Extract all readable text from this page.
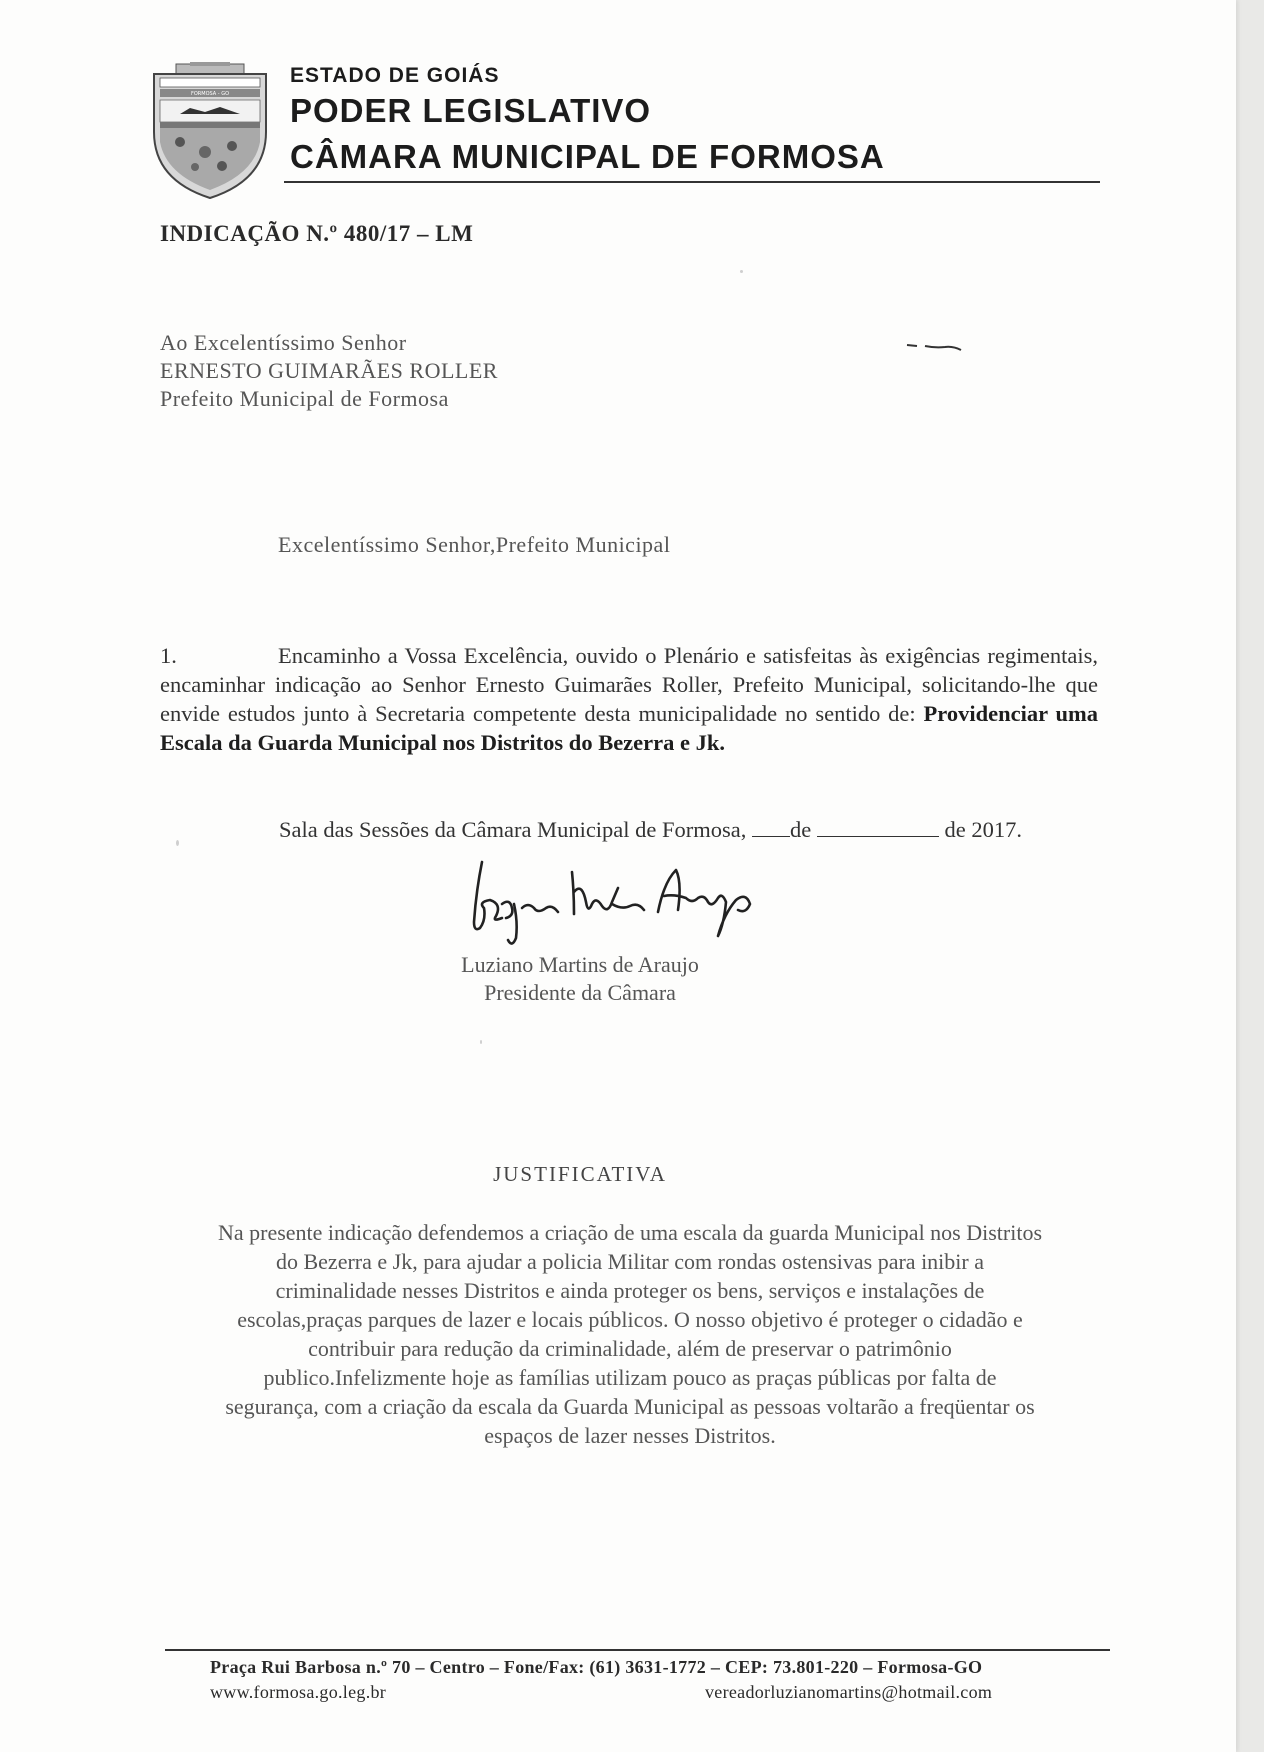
FORMOSA - GO
ESTADO DE GOIÁS
PODER LEGISLATIVO
CÂMARA MUNICIPAL DE FORMOSA
INDICAÇÃO N.º 480/17 – LM
Ao Excelentíssimo Senhor
ERNESTO GUIMARÃES ROLLER
Prefeito Municipal de Formosa
Excelentíssimo Senhor,Prefeito Municipal
1.	Encaminho a Vossa Excelência, ouvido o Plenário e satisfeitas às exigências regimentais, encaminhar indicação ao Senhor Ernesto Guimarães Roller, Prefeito Municipal, solicitando-lhe que envide estudos junto à Secretaria competente desta municipalidade no sentido de: Providenciar uma Escala da Guarda Municipal nos Distritos do Bezerra e Jk.
Sala das Sessões da Câmara Municipal de Formosa, de	de 2017.
Luziano Martins de Araujo
Presidente da Câmara
JUSTIFICATIVA
Na presente indicação defendemos a criação de uma escala da guarda Municipal nos Distritos
do Bezerra e Jk, para ajudar a policia Militar com rondas ostensivas para inibir a
criminalidade nesses Distritos e ainda proteger os bens, serviços e instalações de
escolas,praças parques de lazer e locais públicos. O nosso objetivo é proteger o cidadão e
contribuir para redução da criminalidade, além de preservar o patrimônio
publico.Infelizmente hoje as famílias utilizam pouco as praças públicas por falta de
segurança, com a criação da escala da Guarda Municipal as pessoas voltarão a freqüentar os
espaços de lazer nesses Distritos.
Praça Rui Barbosa n.º 70 – Centro – Fone/Fax: (61) 3631-1772 – CEP: 73.801-220 – Formosa-GO
www.formosa.go.leg.br	vereadorluzianomartins@hotmail.com
